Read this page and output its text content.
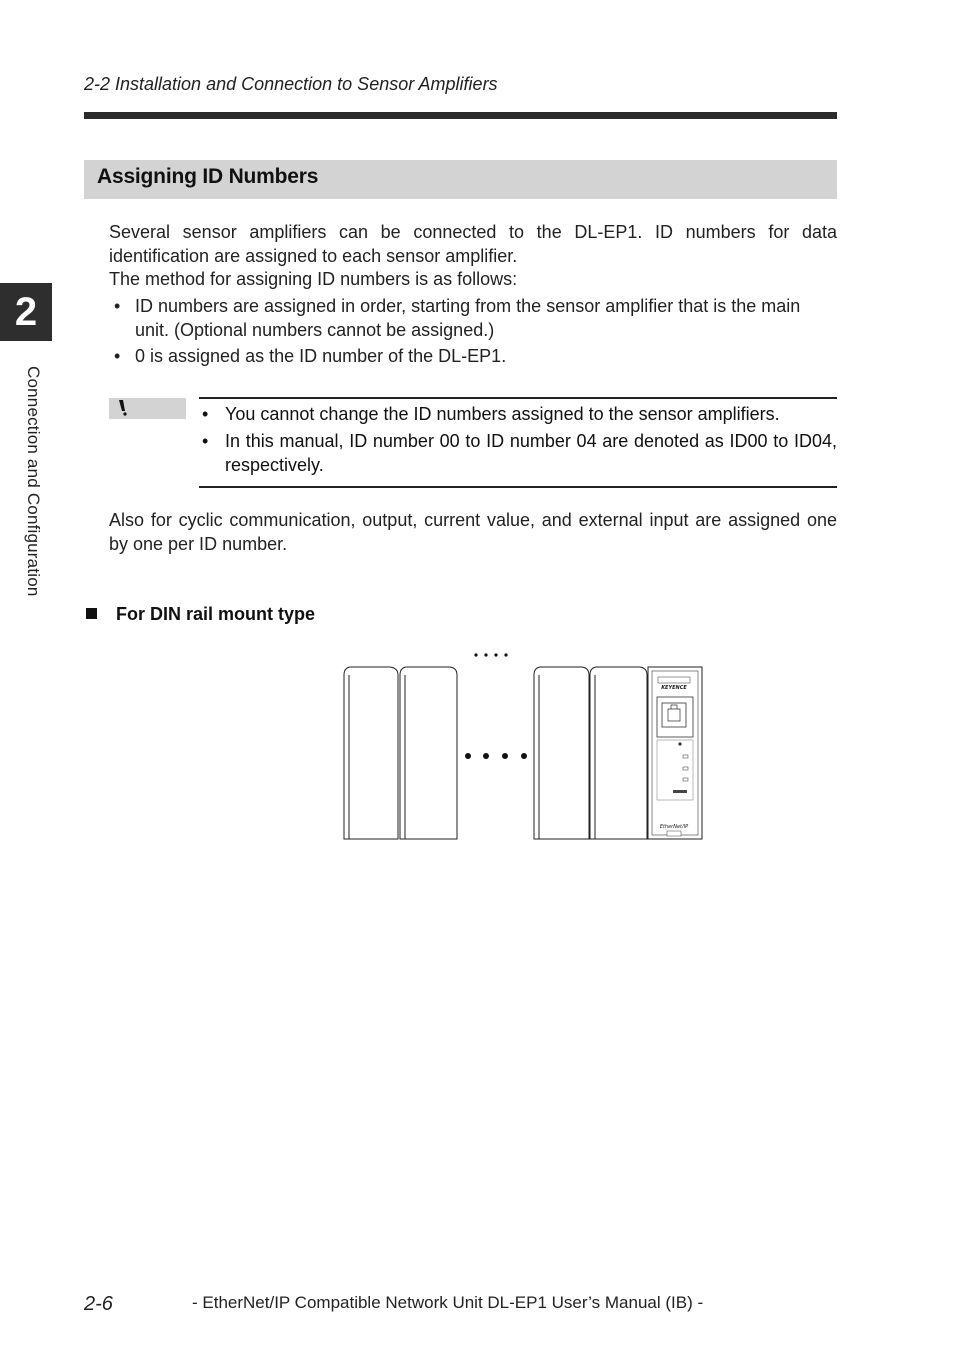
2-2 Installation and Connection to Sensor Amplifiers
2
Connection and Configuration
Assigning ID Numbers
Several sensor amplifiers can be connected to the DL-EP1. ID numbers for data identification are assigned to each sensor amplifier.
The method for assigning ID numbers is as follows:
• ID numbers are assigned in order, starting from the sensor amplifier that is the main unit. (Optional numbers cannot be assigned.)
• 0 is assigned as the ID number of the DL-EP1.
• You cannot change the ID numbers assigned to the sensor amplifiers.
• In this manual, ID number 00 to ID number 04 are denoted as ID00 to ID04, respectively.
Also for cyclic communication, output, current value, and external input are assigned one by one per ID number.
For DIN rail mount type
KEYENCE
EtherNet/IP
2-6	- EtherNet/IP Compatible Network Unit DL-EP1 User’s Manual (IB) -
